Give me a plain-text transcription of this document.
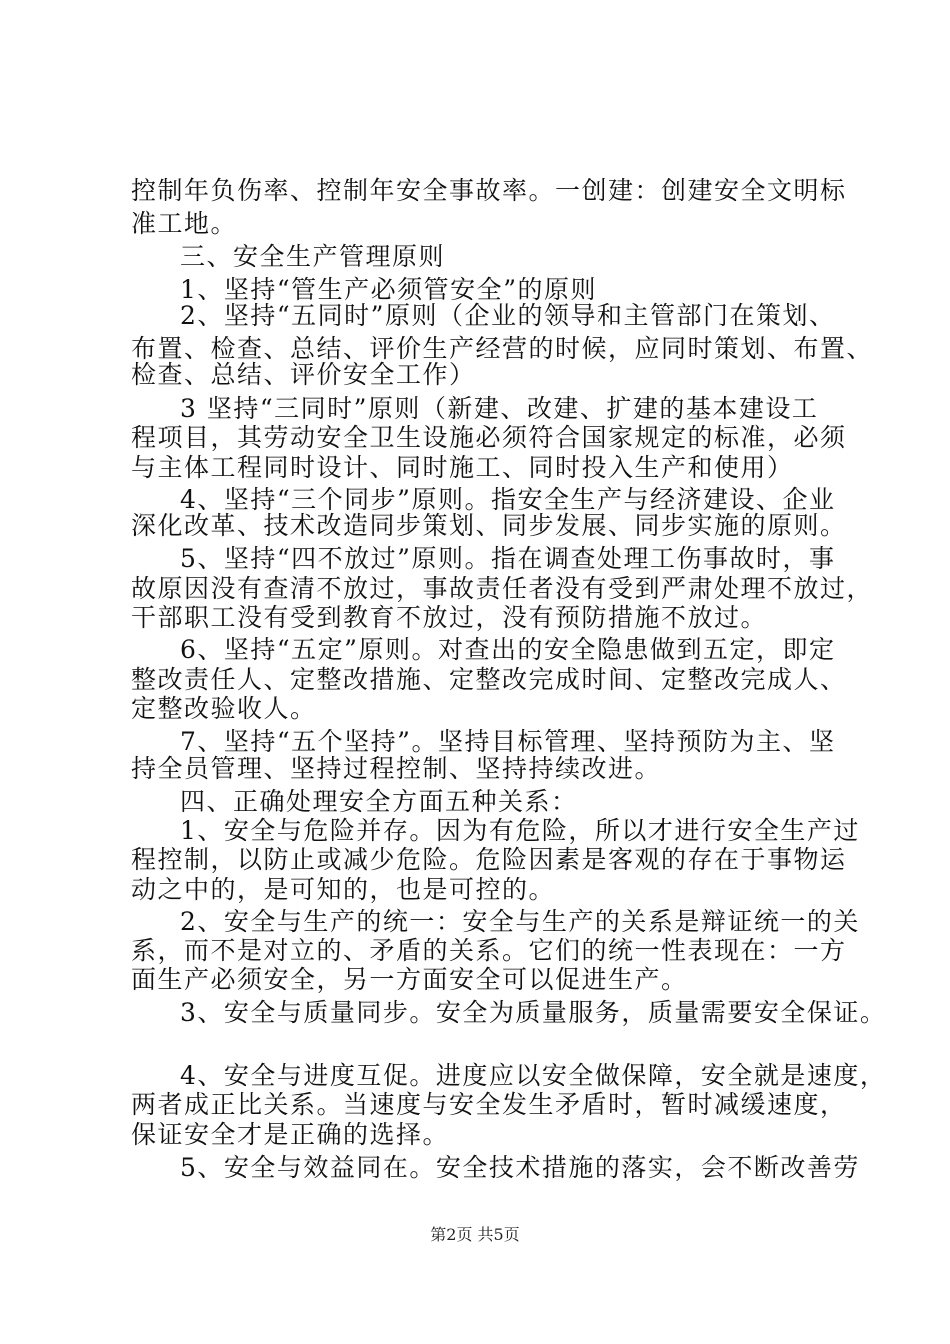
控制年负伤率、控制年安全事故率。一创建：创建安全文明标
准工地。
三、安全生产管理原则
1、坚持“管生产必须管安全”的原则
2、坚持“五同时”原则（企业的领导和主管部门在策划、
布置、检查、总结、评价生产经营的时候，应同时策划、布置、
检查、总结、评价安全工作）
3 坚持“三同时”原则（新建、改建、扩建的基本建设工
程项目，其劳动安全卫生设施必须符合国家规定的标准，必须
与主体工程同时设计、同时施工、同时投入生产和使用）
4、坚持“三个同步”原则。指安全生产与经济建设、企业
深化改革、技术改造同步策划、同步发展、同步实施的原则。
5、坚持“四不放过”原则。指在调查处理工伤事故时，事
故原因没有查清不放过，事故责任者没有受到严肃处理不放过，
干部职工没有受到教育不放过，没有预防措施不放过。
6、坚持“五定”原则。对查出的安全隐患做到五定，即定
整改责任人、定整改措施、定整改完成时间、定整改完成人、
定整改验收人。
7、坚持“五个坚持”。坚持目标管理、坚持预防为主、坚
持全员管理、坚持过程控制、坚持持续改进。
四、正确处理安全方面五种关系：
1、安全与危险并存。因为有危险，所以才进行安全生产过
程控制，以防止或减少危险。危险因素是客观的存在于事物运
动之中的，是可知的，也是可控的。
2、安全与生产的统一：安全与生产的关系是辩证统一的关
系，而不是对立的、矛盾的关系。它们的统一性表现在：一方
面生产必须安全，另一方面安全可以促进生产。
3、安全与质量同步。安全为质量服务，质量需要安全保证。
4、安全与进度互促。进度应以安全做保障，安全就是速度，
两者成正比关系。当速度与安全发生矛盾时，暂时减缓速度，
保证安全才是正确的选择。
5、安全与效益同在。安全技术措施的落实，会不断改善劳
第2页 共5页
